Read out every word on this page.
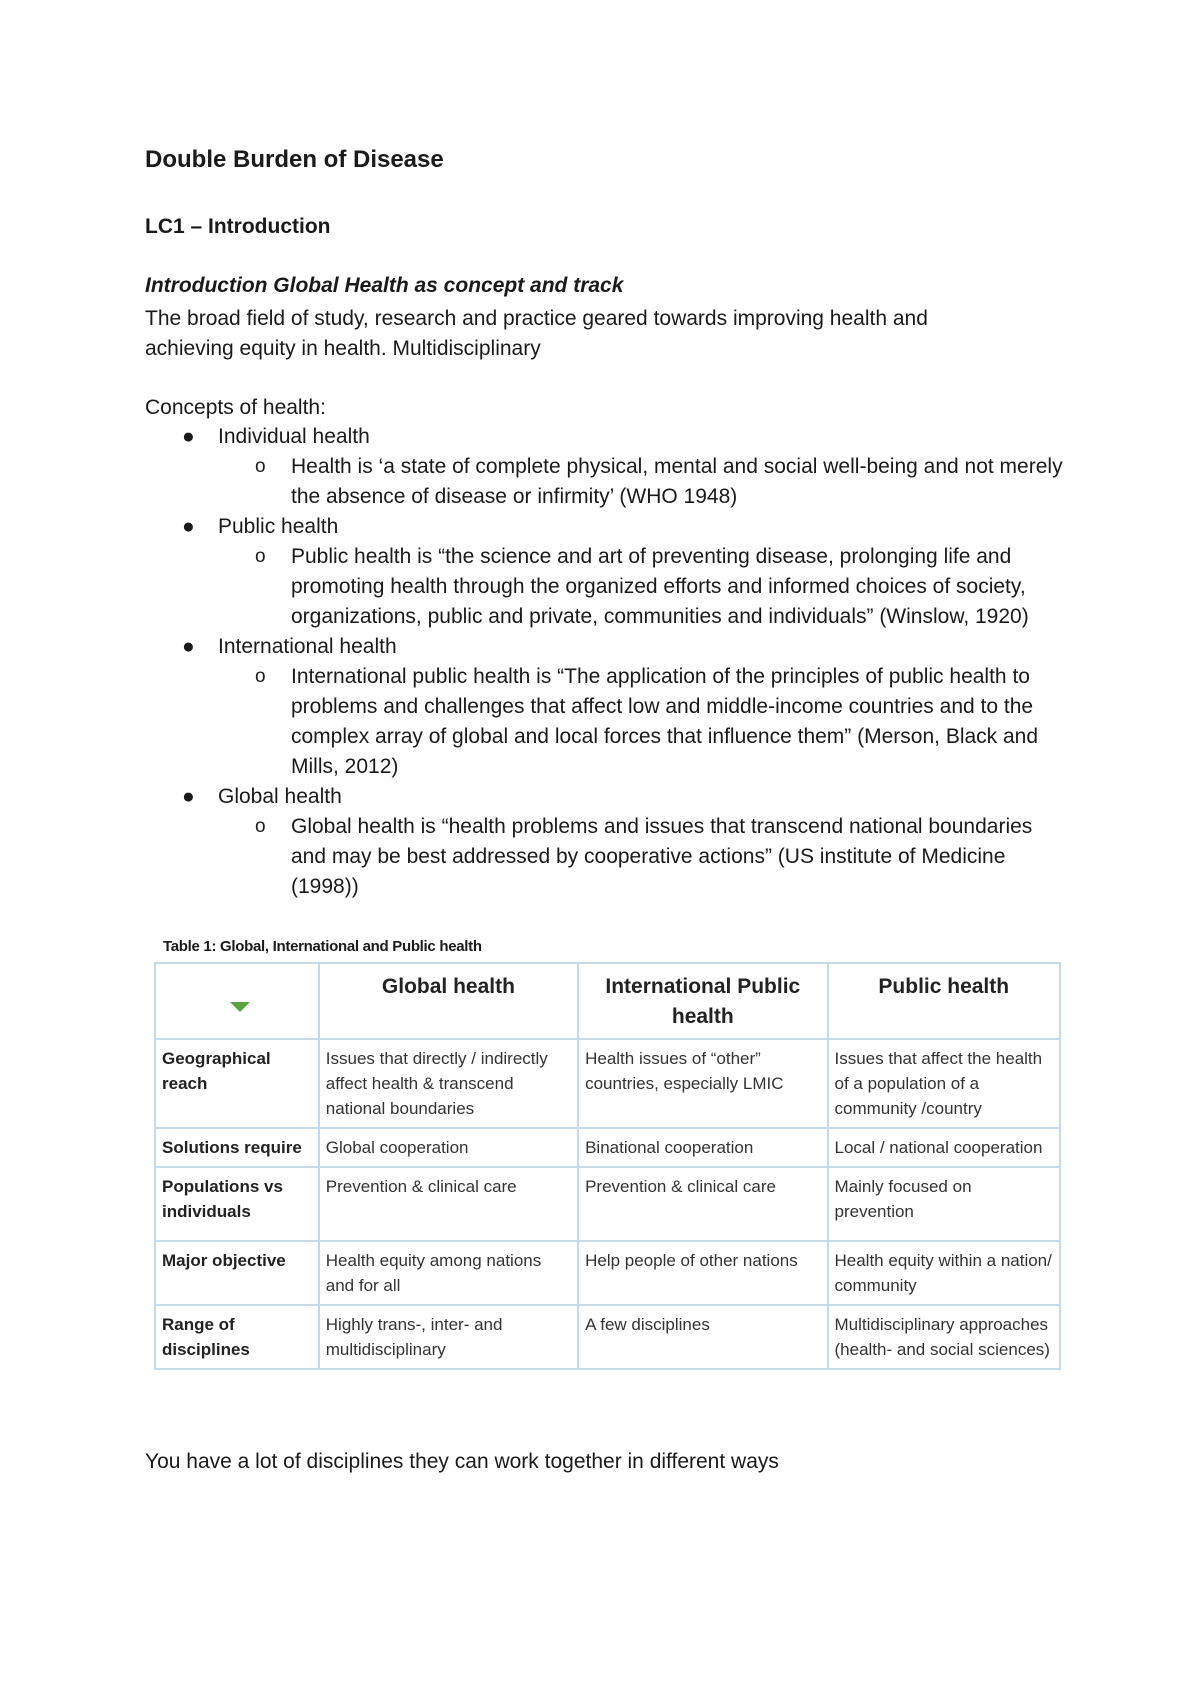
Double Burden of Disease
LC1 – Introduction
Introduction Global Health as concept and track
The broad field of study, research and practice geared towards improving health and
achieving equity in health. Multidisciplinary
Concepts of health:
● Individual health
o Health is ‘a state of complete physical, mental and social well-being and not merely the absence of disease or infirmity’ (WHO 1948)
● Public health
o Public health is “the science and art of preventing disease, prolonging life and promoting health through the organized efforts and informed choices of society, organizations, public and private, communities and individuals” (Winslow, 1920)
● International health
o International public health is “The application of the principles of public health to problems and challenges that affect low and middle-income countries and to the complex array of global and local forces that influence them” (Merson, Black and Mills, 2012)
● Global health
o Global health is “health problems and issues that transcend national boundaries and may be best addressed by cooperative actions” (US institute of Medicine (1998))
Table 1: Global, International and Public health
	Global health	International Public health	Public health
Geographical reach	Issues that directly / indirectly affect health & transcend national boundaries	Health issues of “other” countries, especially LMIC	Issues that affect the health of a population of a community /country
Solutions require	Global cooperation	Binational cooperation	Local / national cooperation
Populations vs individuals	Prevention & clinical care	Prevention & clinical care	Mainly focused on prevention
Major objective	Health equity among nations and for all	Help people of other nations	Health equity within a nation/ community
Range of disciplines	Highly trans-, inter- and multidisciplinary	A few disciplines	Multidisciplinary approaches (health- and social sciences)
You have a lot of disciplines they can work together in different ways
